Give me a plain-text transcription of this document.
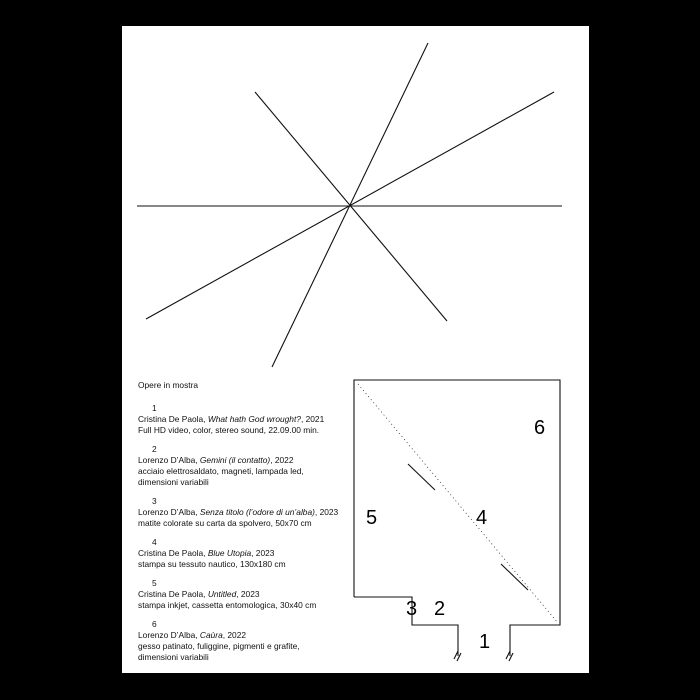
Opere in mostra
1
Cristina De Paola, What hath God wrought?, 2021
Full HD video, color, stereo sound, 22.09.00 min.
2
Lorenzo D’Alba, Gemini (il contatto), 2022
acciaio elettrosaldato, magneti, lampada led,
dimensioni variabili
3
Lorenzo D’Alba, Senza titolo (l’odore di un’alba), 2023
matite colorate su carta da spolvero, 50x70 cm
4
Cristina De Paola, Blue Utopia, 2023
stampa su tessuto nautico, 130x180 cm
5
Cristina De Paola, Untitled, 2023
stampa inkjet, cassetta entomologica, 30x40 cm
6
Lorenzo D’Alba, Caùra, 2022
gesso patinato, fuliggine, pigmenti e grafite,
dimensioni variabili
6
5	4
3 2
1
